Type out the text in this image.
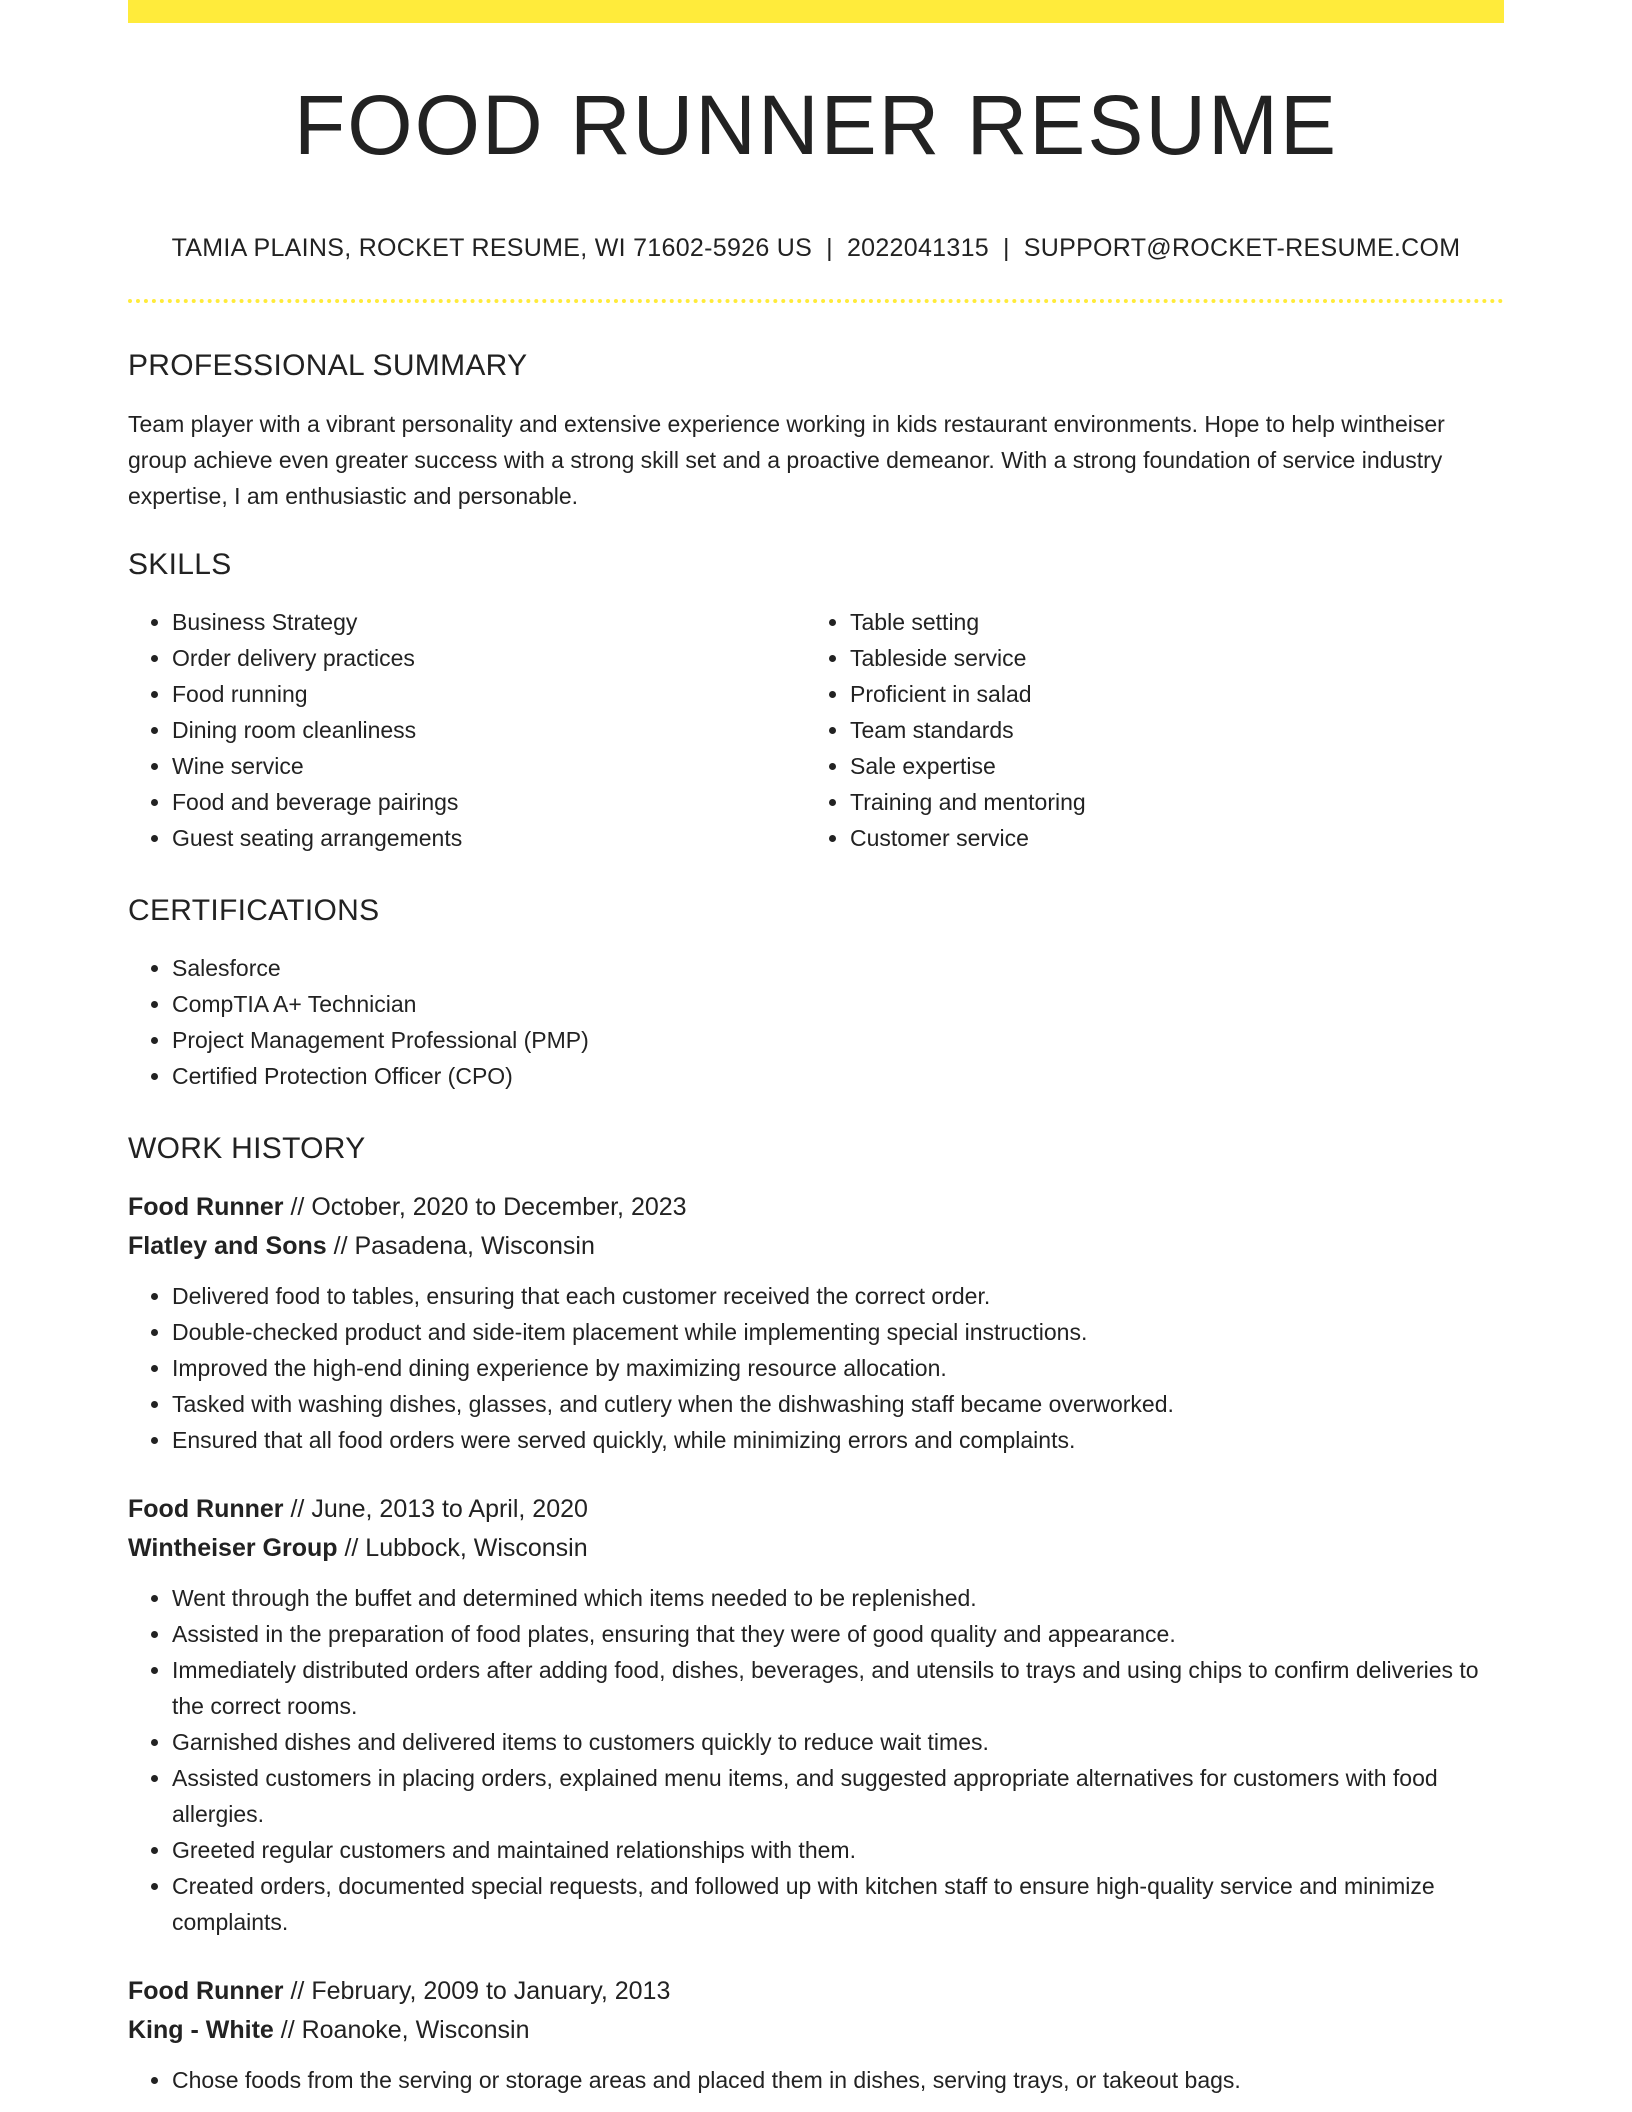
FOOD RUNNER RESUME
TAMIA PLAINS, ROCKET RESUME, WI 71602-5926 US | 2022041315 | SUPPORT@ROCKET-RESUME.COM
PROFESSIONAL SUMMARY
Team player with a vibrant personality and extensive experience working in kids restaurant environments. Hope to help wintheiser group achieve even greater success with a strong skill set and a proactive demeanor. With a strong foundation of service industry expertise, I am enthusiastic and personable.
SKILLS
• Business Strategy
• Order delivery practices
• Food running
• Dining room cleanliness
• Wine service
• Food and beverage pairings
• Guest seating arrangements
• Table setting
• Tableside service
• Proficient in salad
• Team standards
• Sale expertise
• Training and mentoring
• Customer service
CERTIFICATIONS
• Salesforce
• CompTIA A+ Technician
• Project Management Professional (PMP)
• Certified Protection Officer (CPO)
WORK HISTORY
Food Runner // October, 2020 to December, 2023
Flatley and Sons // Pasadena, Wisconsin
• Delivered food to tables, ensuring that each customer received the correct order.
• Double-checked product and side-item placement while implementing special instructions.
• Improved the high-end dining experience by maximizing resource allocation.
• Tasked with washing dishes, glasses, and cutlery when the dishwashing staff became overworked.
• Ensured that all food orders were served quickly, while minimizing errors and complaints.
Food Runner // June, 2013 to April, 2020
Wintheiser Group // Lubbock, Wisconsin
• Went through the buffet and determined which items needed to be replenished.
• Assisted in the preparation of food plates, ensuring that they were of good quality and appearance.
• Immediately distributed orders after adding food, dishes, beverages, and utensils to trays and using chips to confirm deliveries to the correct rooms.
• Garnished dishes and delivered items to customers quickly to reduce wait times.
• Assisted customers in placing orders, explained menu items, and suggested appropriate alternatives for customers with food allergies.
• Greeted regular customers and maintained relationships with them.
• Created orders, documented special requests, and followed up with kitchen staff to ensure high-quality service and minimize complaints.
Food Runner // February, 2009 to January, 2013
King - White // Roanoke, Wisconsin
• Chose foods from the serving or storage areas and placed them in dishes, serving trays, or takeout bags.
